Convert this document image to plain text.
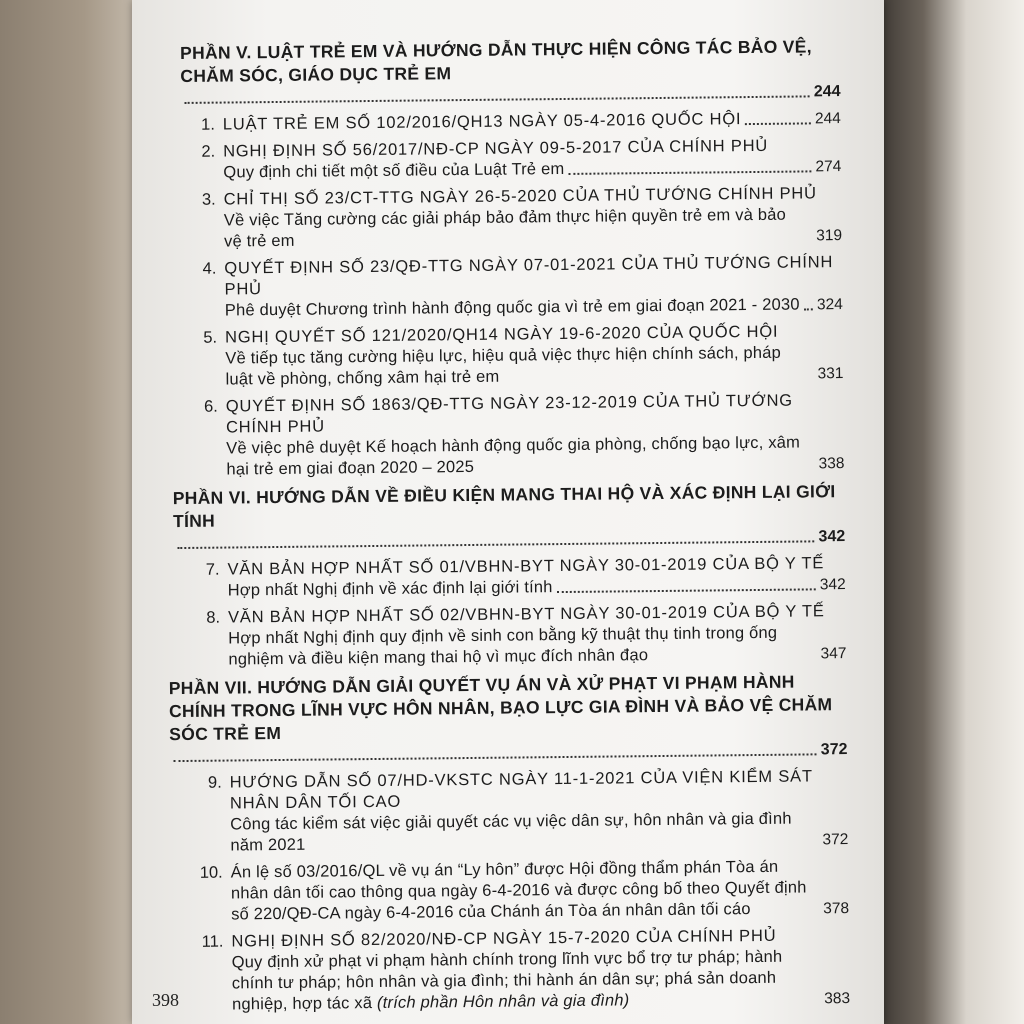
PHẦN V. LUẬT TRẺ EM VÀ HƯỚNG DẪN THỰC HIỆN CÔNG TÁC BẢO VỆ, CHĂM SÓC, GIÁO DỤC TRẺ EM
244
1. LUẬT TRẺ EM SỐ 102/2016/QH13 NGÀY 05-4-2016 QUỐC HỘI	244
2. NGHỊ ĐỊNH SỐ 56/2017/NĐ-CP NGÀY 09-5-2017 CỦA CHÍNH PHỦ
Quy định chi tiết một số điều của Luật Trẻ em	274
3. CHỈ THỊ SỐ 23/CT-TTG NGÀY 26-5-2020 CỦA THỦ TƯỚNG CHÍNH PHỦ
Về việc Tăng cường các giải pháp bảo đảm thực hiện quyền trẻ em và bảo vệ trẻ em	319
4. QUYẾT ĐỊNH SỐ 23/QĐ-TTG NGÀY 07-01-2021 CỦA THỦ TƯỚNG CHÍNH PHỦ
Phê duyệt Chương trình hành động quốc gia vì trẻ em giai đoạn 2021 - 2030 324
5. NGHỊ QUYẾT SỐ 121/2020/QH14 NGÀY 19-6-2020 CỦA QUỐC HỘI
Về tiếp tục tăng cường hiệu lực, hiệu quả việc thực hiện chính sách, pháp luật về phòng, chống xâm hại trẻ em	331
6. QUYẾT ĐỊNH SỐ 1863/QĐ-TTG NGÀY 23-12-2019 CỦA THỦ TƯỚNG CHÍNH PHỦ
Về việc phê duyệt Kế hoạch hành động quốc gia phòng, chống bạo lực, xâm hại trẻ em giai đoạn 2020 – 2025	338
PHẦN VI. HƯỚNG DẪN VỀ ĐIỀU KIỆN MANG THAI HỘ VÀ XÁC ĐỊNH LẠI GIỚI TÍNH
342
7. VĂN BẢN HỢP NHẤT SỐ 01/VBHN-BYT NGÀY 30-01-2019 CỦA BỘ Y TẾ
Hợp nhất Nghị định về xác định lại giới tính	342
8. VĂN BẢN HỢP NHẤT SỐ 02/VBHN-BYT NGÀY 30-01-2019 CỦA BỘ Y TẾ
Hợp nhất Nghị định quy định về sinh con bằng kỹ thuật thụ tinh trong ống nghiệm và điều kiện mang thai hộ vì mục đích nhân đạo	347
PHẦN VII. HƯỚNG DẪN GIẢI QUYẾT VỤ ÁN VÀ XỬ PHẠT VI PHẠM HÀNH CHÍNH TRONG LĨNH VỰC HÔN NHÂN, BẠO LỰC GIA ĐÌNH VÀ BẢO VỆ CHĂM SÓC TRẺ EM
372
9. HƯỚNG DẪN SỐ 07/HD-VKSTC NGÀY 11-1-2021 CỦA VIỆN KIỂM SÁT NHÂN DÂN TỐI CAO
Công tác kiểm sát việc giải quyết các vụ việc dân sự, hôn nhân và gia đình năm 2021	372
10. Án lệ số 03/2016/QL về vụ án “Ly hôn” được Hội đồng thẩm phán Tòa án nhân dân tối cao thông qua ngày 6-4-2016 và được công bố theo Quyết định số 220/QĐ-CA ngày 6-4-2016 của Chánh án Tòa án nhân dân tối cáo	378
11. NGHỊ ĐỊNH SỐ 82/2020/NĐ-CP NGÀY 15-7-2020 CỦA CHÍNH PHỦ
Quy định xử phạt vi phạm hành chính trong lĩnh vực bổ trợ tư pháp; hành chính tư pháp; hôn nhân và gia đình; thi hành án dân sự; phá sản doanh nghiệp, hợp tác xã (trích phần Hôn nhân và gia đình)	383
398
